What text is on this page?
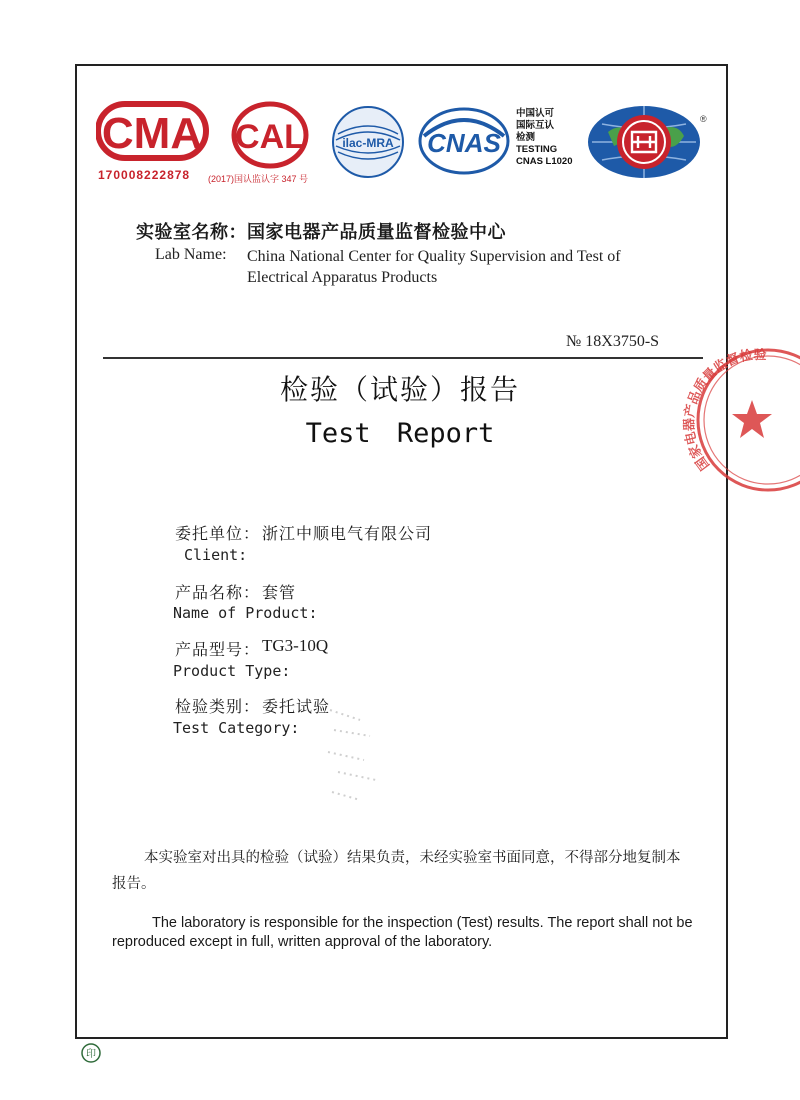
CMA
170008222878	(2017)国认监认字 347 号
CAL	ilac-MRA CNAS
中国认可
国际互认
检测
TESTING
CNAS L1020
®
实验室名称：国家电器产品质量监督检验中心
Lab Name: China National Center for Quality Supervision and Test of Electrical Apparatus Products
№ 18X3750-S
国家电器产品质量监督检验
检验（试验）报告
Test Report
委托单位： 浙江中顺电气有限公司
Client:
产品名称： 套管
Name of Product:
产品型号： TG3-10Q
Product Type:
检验类别： 委托试验
Test Category:
本实验室对出具的检验（试验）结果负责，未经实验室书面同意，不得部分地复制本报告。
The laboratory is responsible for the inspection (Test) results. The report shall not be reproduced except in full, written approval of the laboratory.
印
